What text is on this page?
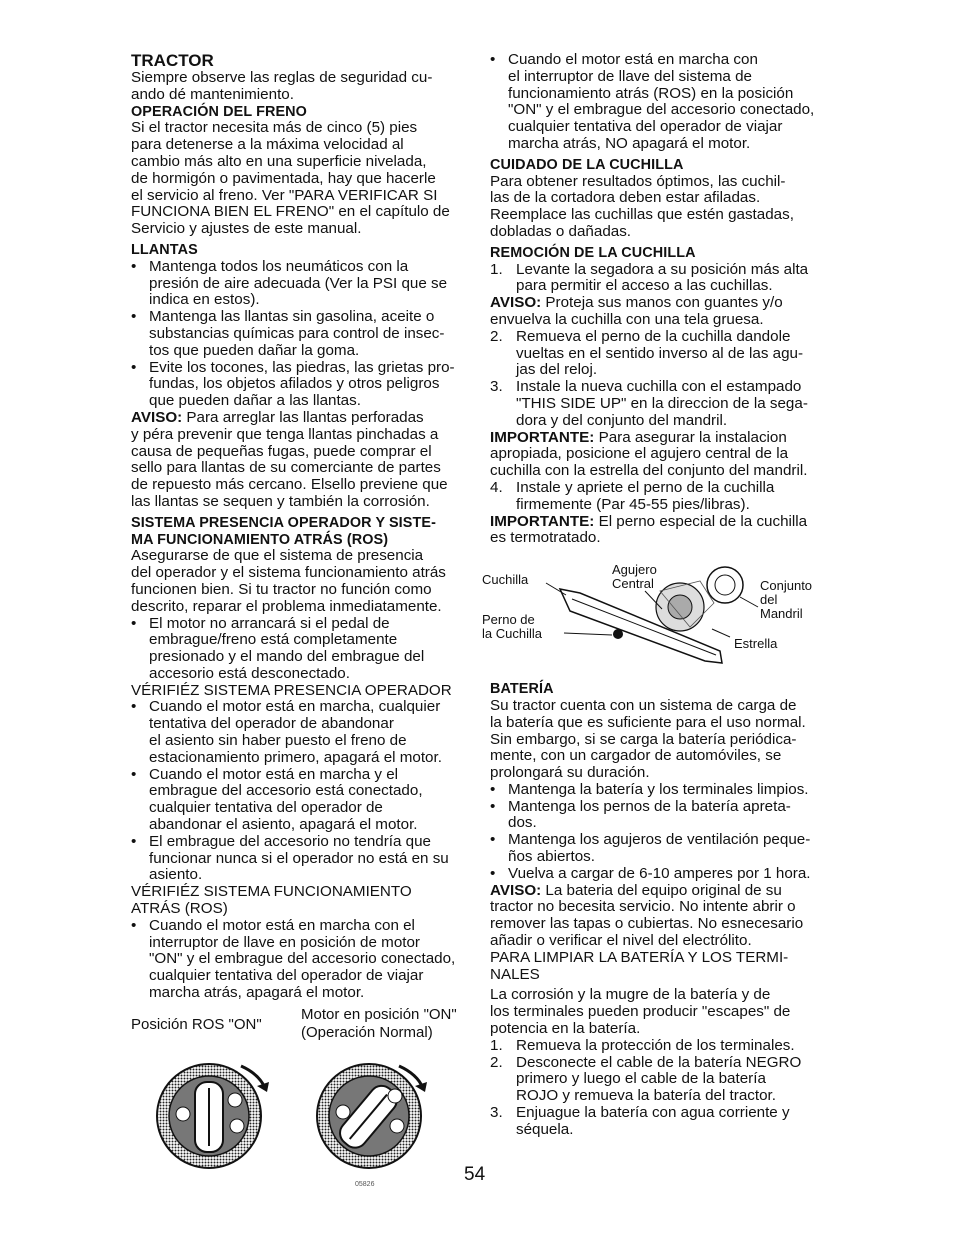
TRACTOR

Siempre observe las reglas de seguridad cu-

ando dé mantenimiento.

OPERACIÓN DEL FRENO

Si el tractor necesita más de cinco (5) pies

para detenerse a la máxima velocidad al

cambio más alto en una superficie nivelada,

de hormigón o pavimentada, hay que hacerle

el servicio al freno. Ver "PARA VERIFICAR SI

FUNCIONA BIEN EL FRENO" en el capítulo de

Servicio y ajustes de este manual.

LLANTAS

• Mantenga todos los neumáticos con la

presión de aire adecuada (Ver la PSI que se

indica en estos).

• Mantenga las llantas sin gasolina, aceite o

substancias químicas para control de insec-

tos que pueden dañar la goma.

• Evite los tocones, las piedras, las grietas pro-

fundas, los objetos afilados y otros peligros

que pueden dañar a las llantas.

AVISO: Para arreglar las llantas perforadas

y péra prevenir que tenga llantas pinchadas a

causa de pequeñas fugas, puede comprar el

sello para llantas de su comerciante de partes

de repuesto más cercano. Elsello previene que

las llantas se sequen y también la corrosión.

SISTEMA PRESENCIA OPERADOR Y SISTE-

MA FUNCIONAMIENTO ATRÁS (ROS)

Asegurarse de que el sistema de presencia

del operador y el sistema funcionamiento atrás

funcionen bien. Si tu tractor no función como

descrito, reparar el problema inmediatamente.

• El motor no arrancará si el pedal de

embrague/freno está completamente

presionado y el mando del embrague del

accesorio está desconectado.

VÉRIFIÉZ SISTEMA PRESENCIA OPERADOR

• Cuando el motor está en marcha, cualquier

tentativa del operador de abandonar

el asiento sin haber puesto el freno de

estacionamiento primero, apagará el motor.

• Cuando el motor está en marcha y el

embrague del accesorio está conectado,

cualquier tentativa del operador de

abandonar el asiento, apagará el motor.

• El embrague del accesorio no tendría que

funcionar nunca si el operador no está en su

asiento.

VÉRIFIÉZ SISTEMA FUNCIONAMIENTO

ATRÁS (ROS)

• Cuando el motor está en marcha con el

interruptor de llave en posición de motor

"ON" y el embrague del accesorio conectado,

cualquier tentativa del operador de viajar

marcha atrás, apagará el motor.

Posición ROS "ON"
Motor en posición "ON"
(Operación Normal)
05826

• Cuando el motor está en marcha con

el interruptor de llave del sistema de

funcionamiento atrás (ROS) en la posición

"ON" y el embrague del accesorio conectado,

cualquier tentativa del operador de viajar

marcha atrás, NO apagará el motor.

CUIDADO DE LA CUCHILLA

Para obtener resultados óptimos, las cuchil-

las de la cortadora deben estar afiladas.

Reemplace las cuchillas que estén gastadas,

dobladas o dañadas.

REMOCIÓN DE LA CUCHILLA

1. Levante la segadora a su posición más alta

para permitir el acceso a las cuchillas.

AVISO: Proteja sus manos con guantes y/o

envuelva la cuchilla con una tela gruesa.

2. Remueva el perno de la cuchilla dandole

vueltas en el sentido inverso al de las agu-

jas del reloj.

3. Instale la nueva cuchilla con el estampado

"THIS SIDE UP" en la direccion de la sega-

dora y del conjunto del mandril.

IMPORTANTE: Para asegurar la instalacion

apropiada, posicione el agujero central de la

cuchilla con la estrella del conjunto del mandril.

4. Instale y apriete el perno de la cuchilla

firmemente (Par 45-55 pies/libras).

IMPORTANTE: El perno especial de la cuchilla

es termotratado.

Cuchilla
Agujero
Central	Conjunto
del
Mandril
Perno de
la Cuchilla
Estrella

BATERÍA

Su tractor cuenta con un sistema de carga de

la batería que es suficiente para el uso normal.

Sin embargo, si se carga la batería periódica-

mente, con un cargador de automóviles, se

prolongará su duración.

• Mantenga la batería y los terminales limpios.

• Mantenga los pernos de la batería apreta-

dos.

• Mantenga los agujeros de ventilación peque-

ños abiertos.

• Vuelva a cargar de 6-10 amperes por 1 hora.

AVISO: La bateria del equipo original de su

tractor no becesita servicio. No intente abrir o

remover las tapas o cubiertas. No esnecesario

añadir o verificar el nivel del electrólito.

PARA LIMPIAR LA BATERÍA Y LOS TERMI-

NALES

La corrosión y la mugre de la batería y de

los terminales pueden producir "escapes" de

potencia en la batería.

1. Remueva la protección de los terminales.

2. Desconecte el cable de la batería NEGRO

primero y luego el cable de la batería

ROJO y remueva la batería del tractor.

3. Enjuague la batería con agua corriente y

séquela.

54
